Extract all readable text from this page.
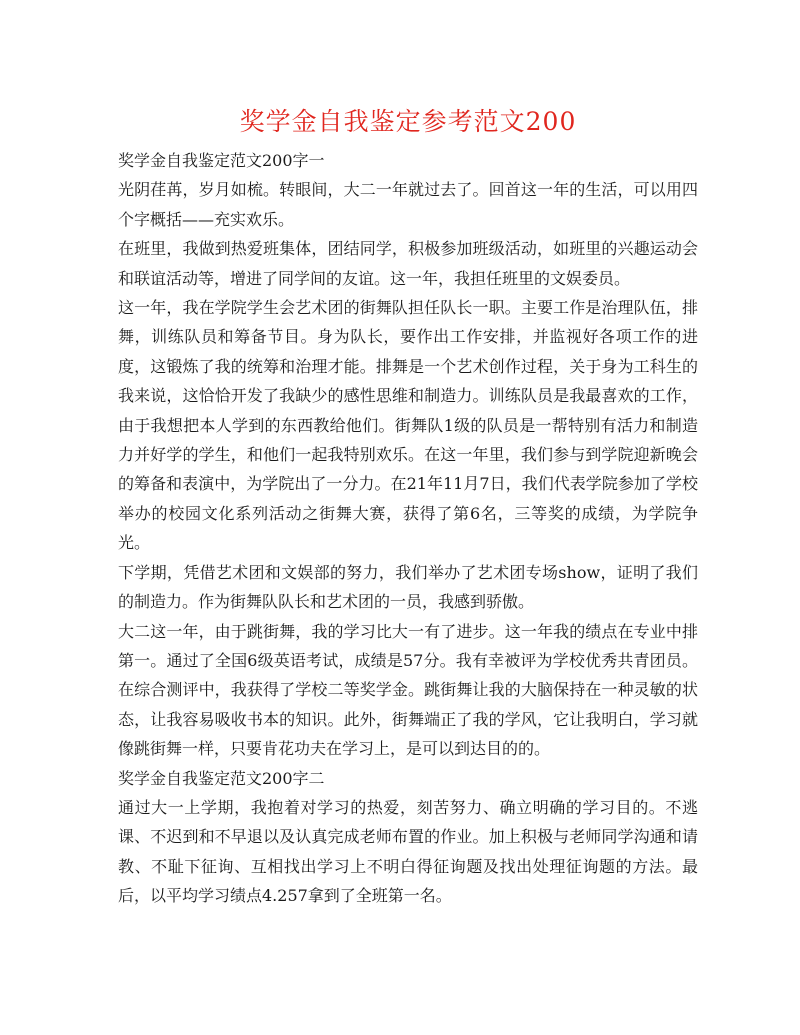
奖学金自我鉴定参考范文200

奖学金自我鉴定范文200字一

光阴荏苒，岁月如梳。转眼间，大二一年就过去了。回首这一年的生活，可以用四个字概括——充实欢乐。

在班里，我做到热爱班集体，团结同学，积极参加班级活动，如班里的兴趣运动会和联谊活动等，增进了同学间的友谊。这一年，我担任班里的文娱委员。

这一年，我在学院学生会艺术团的街舞队担任队长一职。主要工作是治理队伍，排舞，训练队员和筹备节目。身为队长，要作出工作安排，并监视好各项工作的进度，这锻炼了我的统筹和治理才能。排舞是一个艺术创作过程，关于身为工科生的我来说，这恰恰开发了我缺少的感性思维和制造力。训练队员是我最喜欢的工作，由于我想把本人学到的东西教给他们。街舞队1级的队员是一帮特别有活力和制造力并好学的学生，和他们一起我特别欢乐。在这一年里，我们参与到学院迎新晚会的筹备和表演中，为学院出了一分力。在21年11月7日，我们代表学院参加了学校举办的校园文化系列活动之街舞大赛，获得了第6名，三等奖的成绩，为学院争光。

下学期，凭借艺术团和文娱部的努力，我们举办了艺术团专场show，证明了我们的制造力。作为街舞队队长和艺术团的一员，我感到骄傲。

大二这一年，由于跳街舞，我的学习比大一有了进步。这一年我的绩点在专业中排第一。通过了全国6级英语考试，成绩是57分。我有幸被评为学校优秀共青团员。在综合测评中，我获得了学校二等奖学金。跳街舞让我的大脑保持在一种灵敏的状态，让我容易吸收书本的知识。此外，街舞端正了我的学风，它让我明白，学习就像跳街舞一样，只要肯花功夫在学习上，是可以到达目的的。

奖学金自我鉴定范文200字二

通过大一上学期，我抱着对学习的热爱，刻苦努力、确立明确的学习目的。不逃课、不迟到和不早退以及认真完成老师布置的作业。加上积极与老师同学沟通和请教、不耻下征询、互相找出学习上不明白得征询题及找出处理征询题的方法。最后，以平均学习绩点4.257拿到了全班第一名。
